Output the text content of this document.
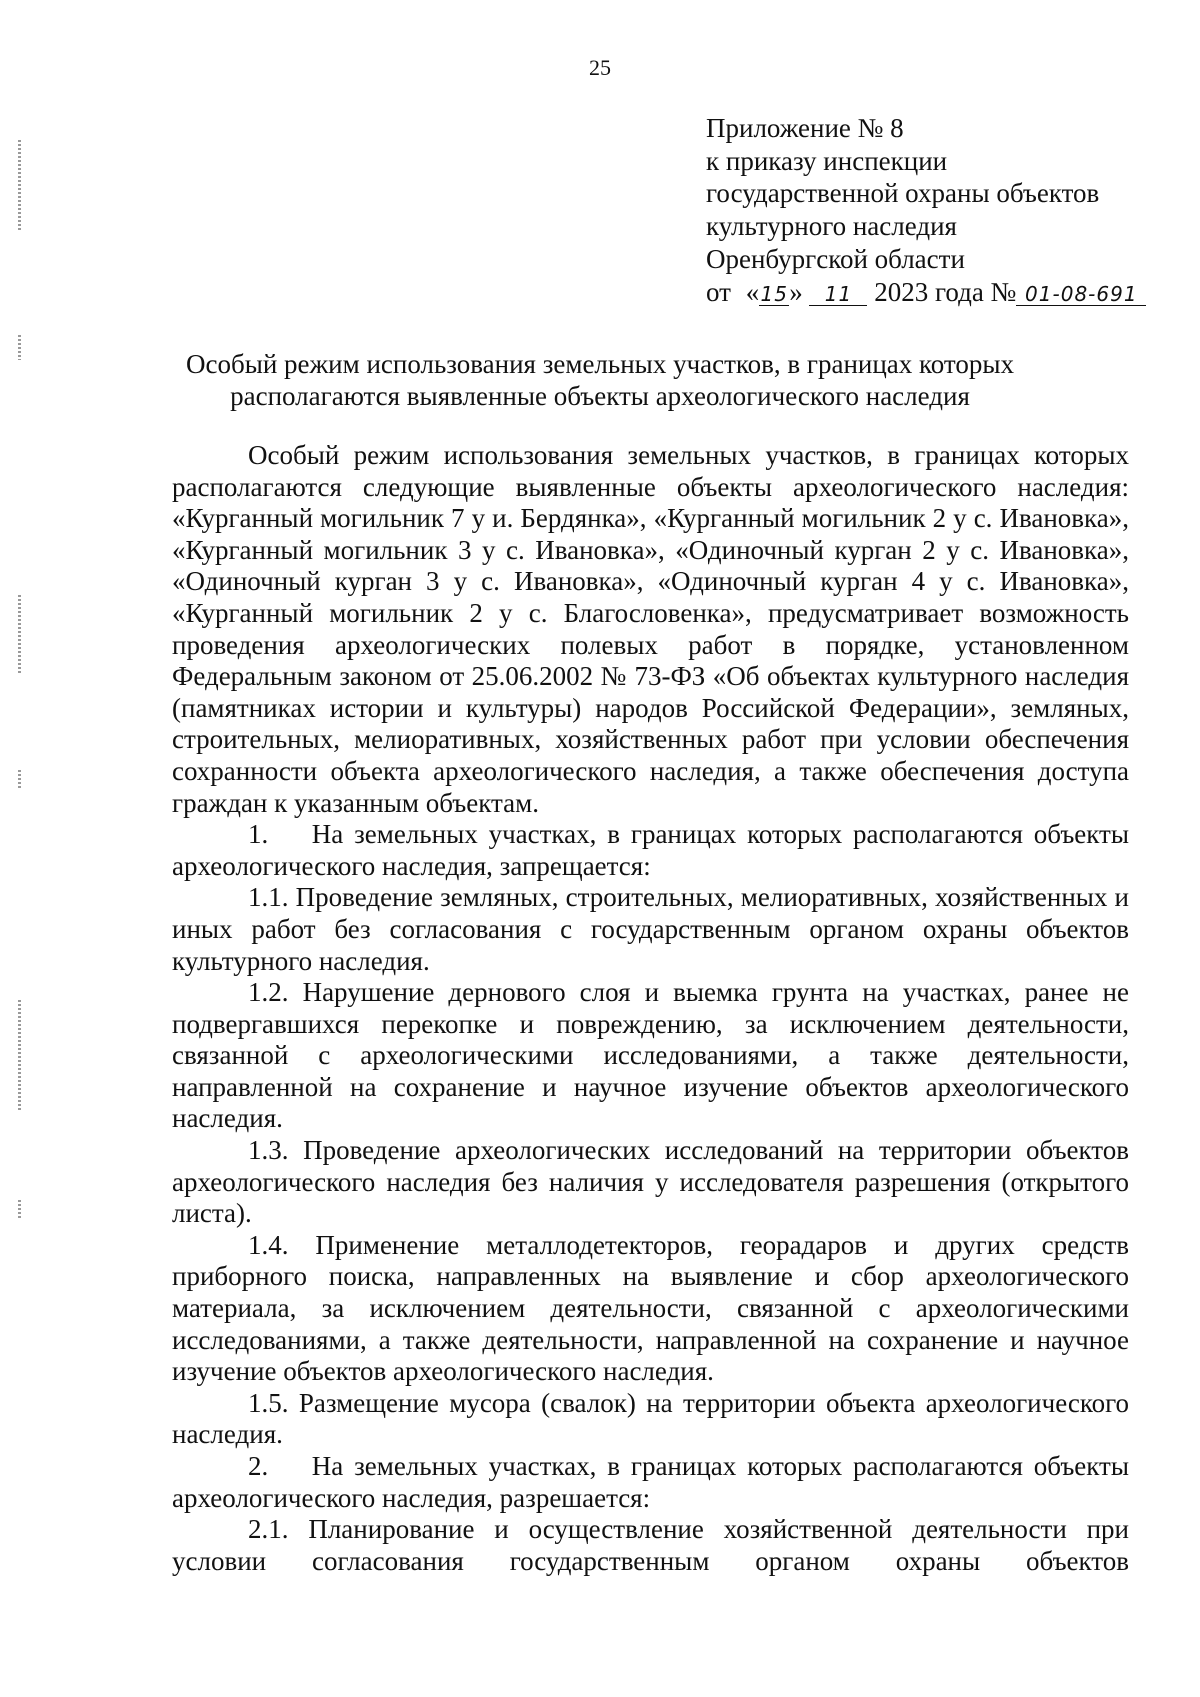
25
Приложение № 8
к приказу инспекции
государственной охраны объектов
культурного наследия
Оренбургской области
от «15» 11 2023 года № 01-08-691
Особый режим использования земельных участков, в границах которых располагаются выявленные объекты археологического наследия

Особый режим использования земельных участков, в границах которых располагаются следующие выявленные объекты археологического наследия: «Курганный могильник 7 у и. Бердянка», «Курганный могильник 2 у с. Ивановка», «Курганный могильник 3 у с. Ивановка», «Одиночный курган 2 у с. Ивановка», «Одиночный курган 3 у с. Ивановка», «Одиночный курган 4 у с. Ивановка», «Курганный могильник 2 у с. Благословенка», предусматривает возможность проведения археологических полевых работ в порядке, установленном Федеральным законом от 25.06.2002 № 73-ФЗ «Об объектах культурного наследия (памятниках истории и культуры) народов Российской Федерации», земляных, строительных, мелиоративных, хозяйственных работ при условии обеспечения сохранности объекта археологического наследия, а также обеспечения доступа граждан к указанным объектам.

1.    На земельных участках, в границах которых располагаются объекты археологического наследия, запрещается:

1.1. Проведение земляных, строительных, мелиоративных, хозяйственных и иных работ без согласования с государственным органом охраны объектов культурного наследия.

1.2. Нарушение дернового слоя и выемка грунта на участках, ранее не подвергавшихся перекопке и повреждению, за исключением деятельности, связанной с археологическими исследованиями, а также деятельности, направленной на сохранение и научное изучение объектов археологического наследия.

1.3. Проведение археологических исследований на территории объектов археологического наследия без наличия у исследователя разрешения (открытого листа).

1.4. Применение металлодетекторов, георадаров и других средств приборного поиска, направленных на выявление и сбор археологического материала, за исключением деятельности, связанной с археологическими исследованиями, а также деятельности, направленной на сохранение и научное изучение объектов археологического наследия.

1.5. Размещение мусора (свалок) на территории объекта археологического наследия.

2.    На земельных участках, в границах которых располагаются объекты археологического наследия, разрешается:

2.1. Планирование и осуществление хозяйственной деятельности при условии согласования государственным органом охраны объектов
